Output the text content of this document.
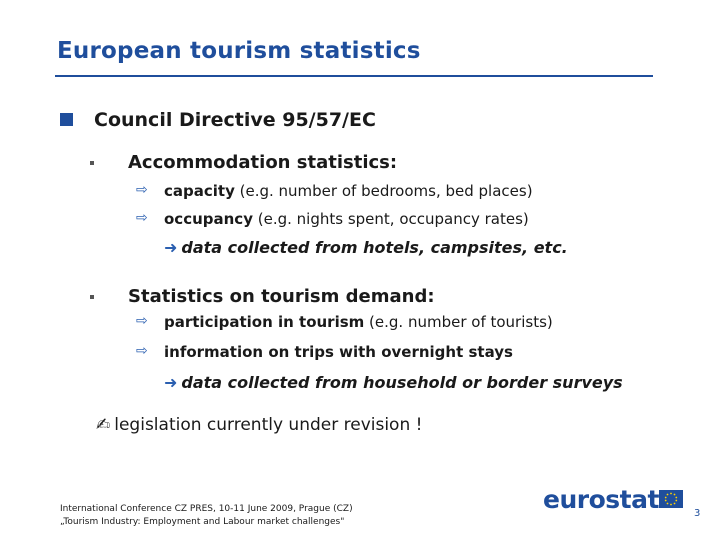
European tourism statistics
Council Directive 95/57/EC
Accommodation statistics:
⇨ capacity (e.g. number of bedrooms, bed places)
⇨ occupancy (e.g. nights spent, occupancy rates)
➜ data collected from hotels, campsites, etc.
Statistics on tourism demand:
⇨ participation in tourism (e.g. number of tourists)
⇨ information on trips with overnight stays
➜ data collected from household or border surveys
✍ legislation currently under revision !
International Conference CZ PRES, 10-11 June 2009, Prague (CZ)
„Tourism Industry: Employment and Labour market challenges"
eurostat	3
